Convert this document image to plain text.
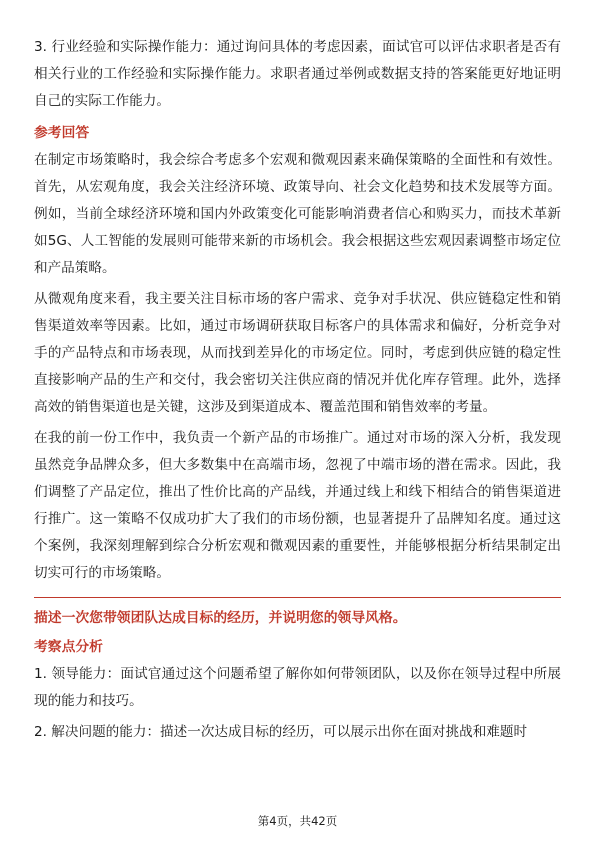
3. 行业经验和实际操作能力：通过询问具体的考虑因素，面试官可以评估求职者是否有相关行业的工作经验和实际操作能力。求职者通过举例或数据支持的答案能更好地证明自己的实际工作能力。

参考回答

在制定市场策略时，我会综合考虑多个宏观和微观因素来确保策略的全面性和有效性。首先，从宏观角度，我会关注经济环境、政策导向、社会文化趋势和技术发展等方面。例如，当前全球经济环境和国内外政策变化可能影响消费者信心和购买力，而技术革新如5G、人工智能的发展则可能带来新的市场机会。我会根据这些宏观因素调整市场定位和产品策略。

从微观角度来看，我主要关注目标市场的客户需求、竞争对手状况、供应链稳定性和销售渠道效率等因素。比如，通过市场调研获取目标客户的具体需求和偏好，分析竞争对手的产品特点和市场表现，从而找到差异化的市场定位。同时，考虑到供应链的稳定性直接影响产品的生产和交付，我会密切关注供应商的情况并优化库存管理。此外，选择高效的销售渠道也是关键，这涉及到渠道成本、覆盖范围和销售效率的考量。

在我的前一份工作中，我负责一个新产品的市场推广。通过对市场的深入分析，我发现虽然竞争品牌众多，但大多数集中在高端市场，忽视了中端市场的潜在需求。因此，我们调整了产品定位，推出了性价比高的产品线，并通过线上和线下相结合的销售渠道进行推广。这一策略不仅成功扩大了我们的市场份额，也显著提升了品牌知名度。通过这个案例，我深刻理解到综合分析宏观和微观因素的重要性，并能够根据分析结果制定出切实可行的市场策略。

描述一次您带领团队达成目标的经历，并说明您的领导风格。

考察点分析

1. 领导能力：面试官通过这个问题希望了解你如何带领团队，以及你在领导过程中所展现的能力和技巧。

2. 解决问题的能力：描述一次达成目标的经历，可以展示出你在面对挑战和难题时

第4页，共42页
